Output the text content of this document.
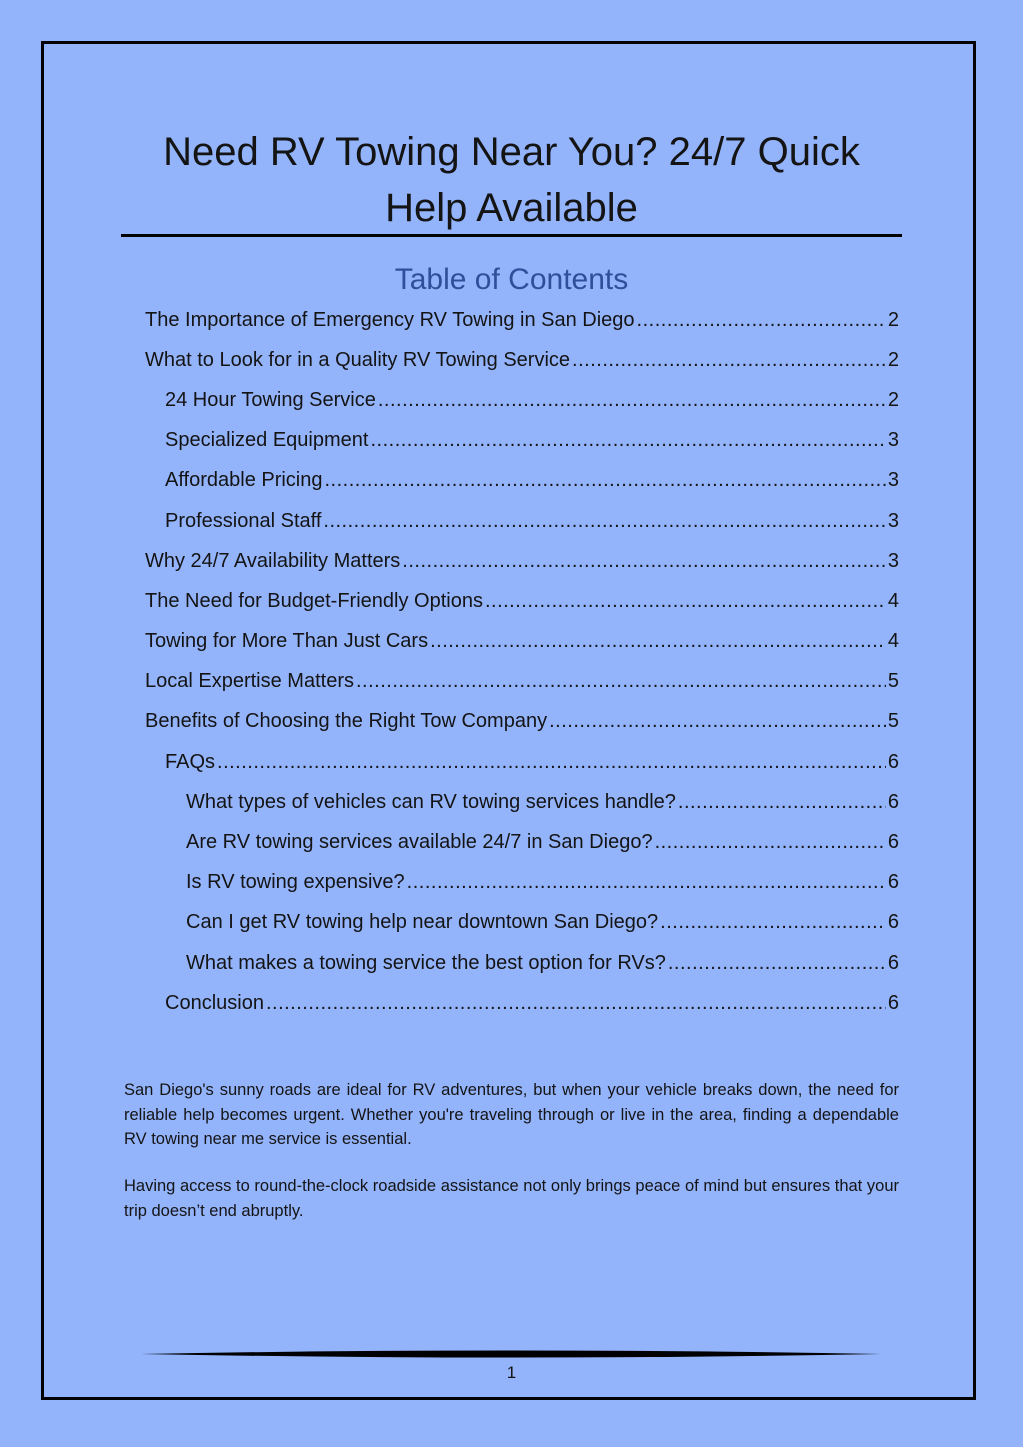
Need RV Towing Near You? 24/7 Quick Help Available
Table of Contents
The Importance of Emergency RV Towing in San Diego .....	2
What to Look for in a Quality RV Towing Service .....	2
24 Hour Towing Service .....	2
Specialized Equipment .....	3
Affordable Pricing .....	3
Professional Staff .....	3
Why 24/7 Availability Matters .....	3
The Need for Budget-Friendly Options .....	4
Towing for More Than Just Cars .....	4
Local Expertise Matters .....	5
Benefits of Choosing the Right Tow Company .....	5
FAQs .....	6
What types of vehicles can RV towing services handle? .....	6
Are RV towing services available 24/7 in San Diego? .....	6
Is RV towing expensive? .....	6
Can I get RV towing help near downtown San Diego? .....	6
What makes a towing service the best option for RVs? .....	6
Conclusion .....	6

San Diego's sunny roads are ideal for RV adventures, but when your vehicle breaks down, the need for reliable help becomes urgent. Whether you're traveling through or live in the area, finding a dependable RV towing near me service is essential.

Having access to round-the-clock roadside assistance not only brings peace of mind but ensures that your trip doesn’t end abruptly.

1
